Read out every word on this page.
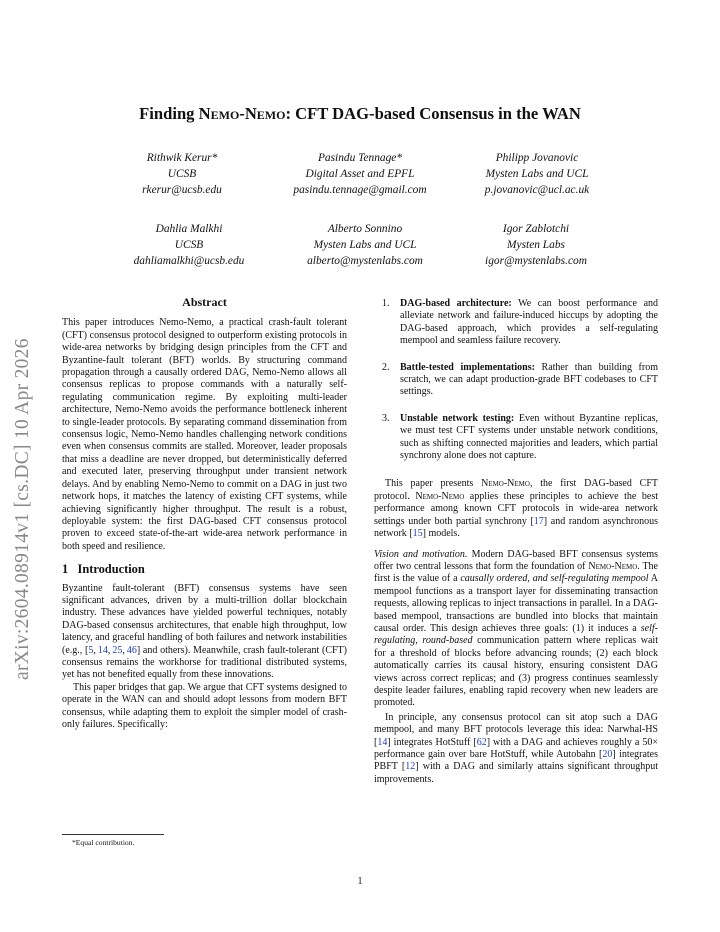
arXiv:2604.08914v1 [cs.DC] 10 Apr 2026
Finding Nemo-Nemo: CFT DAG-based Consensus in the WAN
Rithwik Kerur*
UCSB
rkerur@ucsb.edu
Pasindu Tennage*
Digital Asset and EPFL
pasindu.tennage@gmail.com
Philipp Jovanovic
Mysten Labs and UCL
p.jovanovic@ucl.ac.uk
Dahlia Malkhi
UCSB
dahliamalkhi@ucsb.edu
Alberto Sonnino
Mysten Labs and UCL
alberto@mystenlabs.com
Igor Zablotchi
Mysten Labs
igor@mystenlabs.com
Abstract

This paper introduces Nemo-Nemo, a practical crash-fault tolerant (CFT) consensus protocol designed to outperform existing protocols in wide-area networks by bridging design principles from the CFT and Byzantine-fault tolerant (BFT) worlds. By structuring command propagation through a causally ordered DAG, Nemo-Nemo allows all consensus replicas to propose commands with a naturally self-regulating communication regime. By exploiting multi-leader architecture, Nemo-Nemo avoids the performance bottleneck inherent to single-leader protocols. By separating command dissemination from consensus logic, Nemo-Nemo handles challenging network conditions even when consensus commits are stalled. Moreover, leader proposals that miss a deadline are never dropped, but deterministically deferred and executed later, preserving throughput under transient network delays. And by enabling Nemo-Nemo to commit on a DAG in just two network hops, it matches the latency of existing CFT systems, while achieving significantly higher throughput. The result is a robust, deployable system: the first DAG-based CFT consensus protocol proven to exceed state-of-the-art wide-area network performance in both speed and resilience.

1 Introduction

Byzantine fault-tolerant (BFT) consensus systems have seen significant advances, driven by a multi-trillion dollar blockchain industry. These advances have yielded powerful techniques, notably DAG-based consensus architectures, that enable high throughput, low latency, and graceful handling of both failures and network instabilities (e.g., [5, 14, 25, 46] and others). Meanwhile, crash fault-tolerant (CFT) consensus remains the workhorse for traditional distributed systems, yet has not benefited equally from these innovations.

This paper bridges that gap. We argue that CFT systems designed to operate in the WAN can and should adopt lessons from modern BFT consensus, while adapting them to exploit the simpler model of crash-only failures. Specifically:

*Equal contribution.
1. DAG-based architecture: We can boost performance and alleviate network and failure-induced hiccups by adopting the DAG-based approach, which provides a self-regulating mempool and seamless failure recovery.
2. Battle-tested implementations: Rather than building from scratch, we can adapt production-grade BFT codebases to CFT settings.
3. Unstable network testing: Even without Byzantine replicas, we must test CFT systems under unstable network conditions, such as shifting connected majorities and leaders, which partial synchrony alone does not capture.

This paper presents Nemo-Nemo, the first DAG-based CFT protocol. Nemo-Nemo applies these principles to achieve the best performance among known CFT protocols in wide-area network settings under both partial synchrony [17] and random asynchronous network [15] models.

Vision and motivation. Modern DAG-based BFT consensus systems offer two central lessons that form the foundation of Nemo-Nemo. The first is the value of a causally ordered, and self-regulating mempool A mempool functions as a transport layer for disseminating transaction requests, allowing replicas to inject transactions in parallel. In a DAG-based mempool, transactions are bundled into blocks that maintain causal order. This design achieves three goals: (1) it induces a self-regulating, round-based communication pattern where replicas wait for a threshold of blocks before advancing rounds; (2) each block automatically carries its causal history, ensuring consistent DAG views across correct replicas; and (3) progress continues seamlessly despite leader failures, enabling rapid recovery when new leaders are promoted.

In principle, any consensus protocol can sit atop such a DAG mempool, and many BFT protocols leverage this idea: Narwhal-HS [14] integrates HotStuff [62] with a DAG and achieves roughly a 50× performance gain over bare HotStuff, while Autobahn [20] integrates PBFT [12] with a DAG and similarly attains significant throughput improvements.

1
